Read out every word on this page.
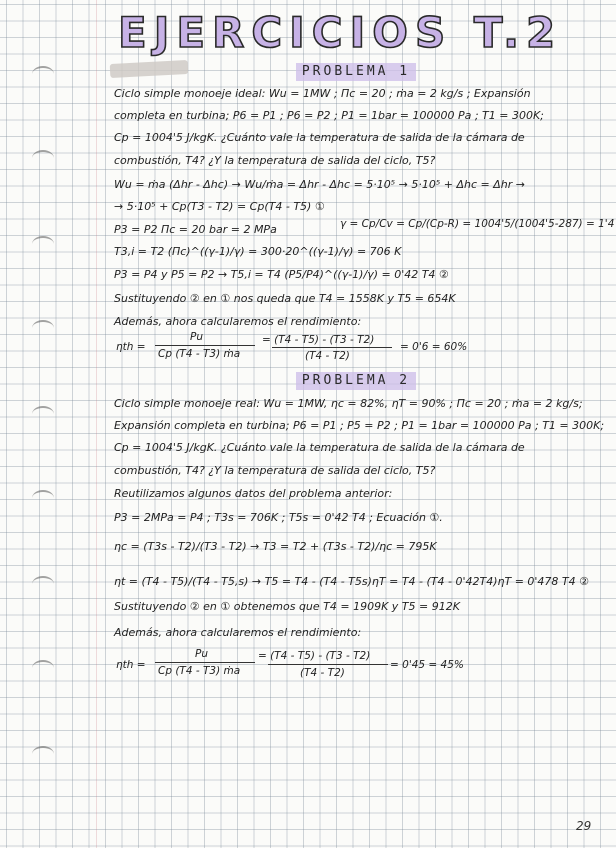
EJERCICIOS T.2
PROBLEMA 1
Ciclo simple monoeje ideal: Wu = 1MW ; Πc = 20 ; ṁa = 2 kg/s ; Expansión
completa en turbina; P6 = P1 ; P6 = P2 ; P1 = 1bar = 100000 Pa ; T1 = 300K;
Cp = 1004'5 J/kgK. ¿Cuánto vale la temperatura de salida de la cámara de
combustión, T4? ¿Y la temperatura de salida del ciclo, T5?
Wu = ṁa (Δhr - Δhc) → Wu/ṁa = Δhr - Δhc = 5·10⁵ → 5·10⁵ + Δhc = Δhr →
→ 5·10⁵ + Cp(T3 - T2) = Cp(T4 - T5) ①
γ = Cp/Cv = Cp/(Cp-R) = 1004'5/(1004'5-287) = 1'4
P3 = P2 Πc = 20 bar = 2 MPa
T3,i = T2 (Πc)^((γ-1)/γ) = 300·20^((γ-1)/γ) = 706 K
P3 = P4 y P5 = P2 → T5,i = T4 (P5/P4)^((γ-1)/γ) = 0'42 T4 ②
Sustituyendo ② en ① nos queda que T4 = 1558K y T5 = 654K
Además, ahora calcularemos el rendimiento:
ηth =
Pu
Cp (T4 - T3) ṁa
= (T4 - T5) - (T3 - T2)
(T4 - T2)
= 0'6 = 60%
PROBLEMA 2
Ciclo simple monoeje real: Wu = 1MW, ηc = 82%, ηT = 90% ; Πc = 20 ; ṁa = 2 kg/s;
Expansión completa en turbina; P6 = P1 ; P5 = P2 ; P1 = 1bar = 100000 Pa ; T1 = 300K;
Cp = 1004'5 J/kgK. ¿Cuánto vale la temperatura de salida de la cámara de
combustión, T4? ¿Y la temperatura de salida del ciclo, T5?
Reutilizamos algunos datos del problema anterior:
P3 = 2MPa = P4 ; T3s = 706K ; T5s = 0'42 T4 ; Ecuación ①.
ηc = (T3s - T2)/(T3 - T2) → T3 = T2 + (T3s - T2)/ηc = 795K
ηt = (T4 - T5)/(T4 - T5,s) → T5 = T4 - (T4 - T5s)ηT = T4 - (T4 - 0'42T4)ηT = 0'478 T4 ②
Sustituyendo ② en ① obtenemos que T4 = 1909K y T5 = 912K
Además, ahora calcularemos el rendimiento:
ηth =
Pu
Cp (T4 - T3) ṁa
= (T4 - T5) - (T3 - T2)
(T4 - T2)
= 0'45 = 45%
29
